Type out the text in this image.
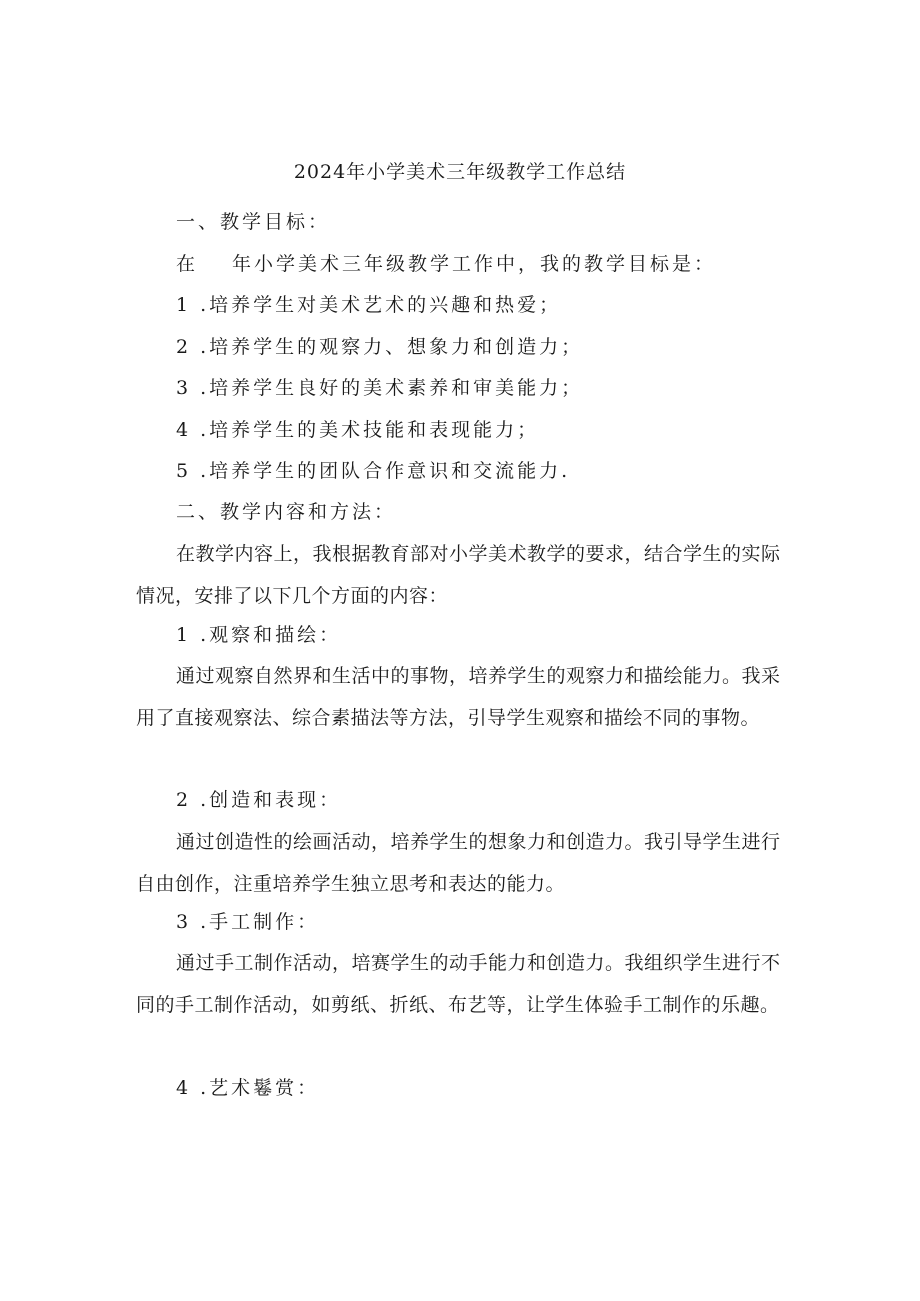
2024年小学美术三年级教学工作总结
一、教学目标：
在 年小学美术三年级教学工作中，我的教学目标是：
1 .培养学生对美术艺术的兴趣和热爱；
2 .培养学生的观察力、想象力和创造力；
3 .培养学生良好的美术素养和审美能力；
4 .培养学生的美术技能和表现能力；
5 .培养学生的团队合作意识和交流能力.
二、教学内容和方法：
在教学内容上，我根据教育部对小学美术教学的要求，结合学生的实际情况，安排了以下几个方面的内容：
1 .观察和描绘：
通过观察自然界和生活中的事物，培养学生的观察力和描绘能力。我采用了直接观察法、综合素描法等方法，引导学生观察和描绘不同的事物。
2 .创造和表现：
通过创造性的绘画活动，培养学生的想象力和创造力。我引导学生进行自由创作，注重培养学生独立思考和表达的能力。
3 .手工制作：
通过手工制作活动，培赛学生的动手能力和创造力。我组织学生进行不同的手工制作活动，如剪纸、折纸、布艺等，让学生体验手工制作的乐趣。
4 .艺术鬈赏：
